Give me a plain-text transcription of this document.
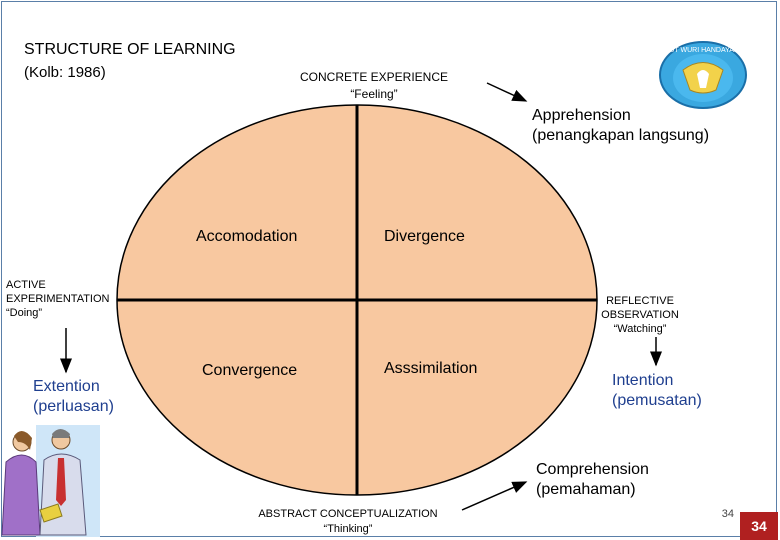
STRUCTURE OF LEARNING
(Kolb: 1986)
TUT WURI HANDAYANI
CONCRETE EXPERIENCE
“Feeling”
ABSTRACT CONCEPTUALIZATION
“Thinking”
ACTIVE
EXPERIMENTATION
“Doing”
REFLECTIVE
OBSERVATION
“Watching”
Accomodation	Divergence
Convergence	Asssimilation
Apprehension
(penangkapan langsung)
Extention
(perluasan)
Intention
(pemusatan)
Comprehension
(pemahaman)
34
34
